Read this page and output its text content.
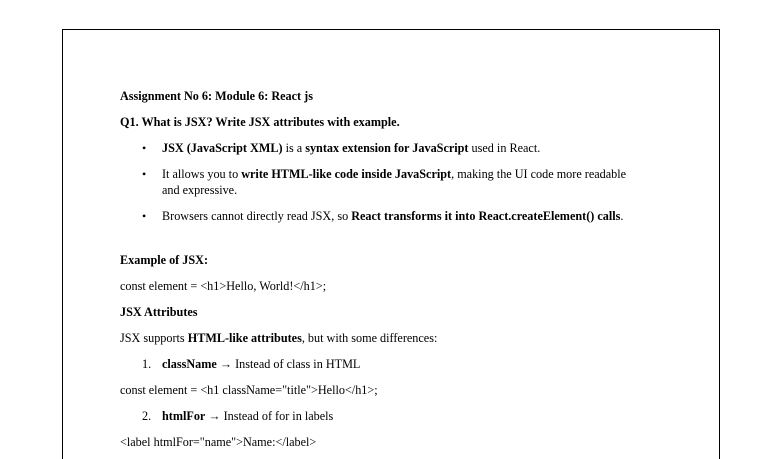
Assignment No 6: Module 6: React js

Q1. What is JSX? Write JSX attributes with example.

• JSX (JavaScript XML) is a syntax extension for JavaScript used in React.
• It allows you to write HTML-like code inside JavaScript, making the UI code more readable and expressive.
• Browsers cannot directly read JSX, so React transforms it into React.createElement() calls.

Example of JSX:

const element = <h1>Hello, World!</h1>;

JSX Attributes

JSX supports HTML-like attributes, but with some differences:

1. className → Instead of class in HTML

const element = <h1 className="title">Hello</h1>;

2. htmlFor → Instead of for in labels

<label htmlFor="name">Name:</label>
